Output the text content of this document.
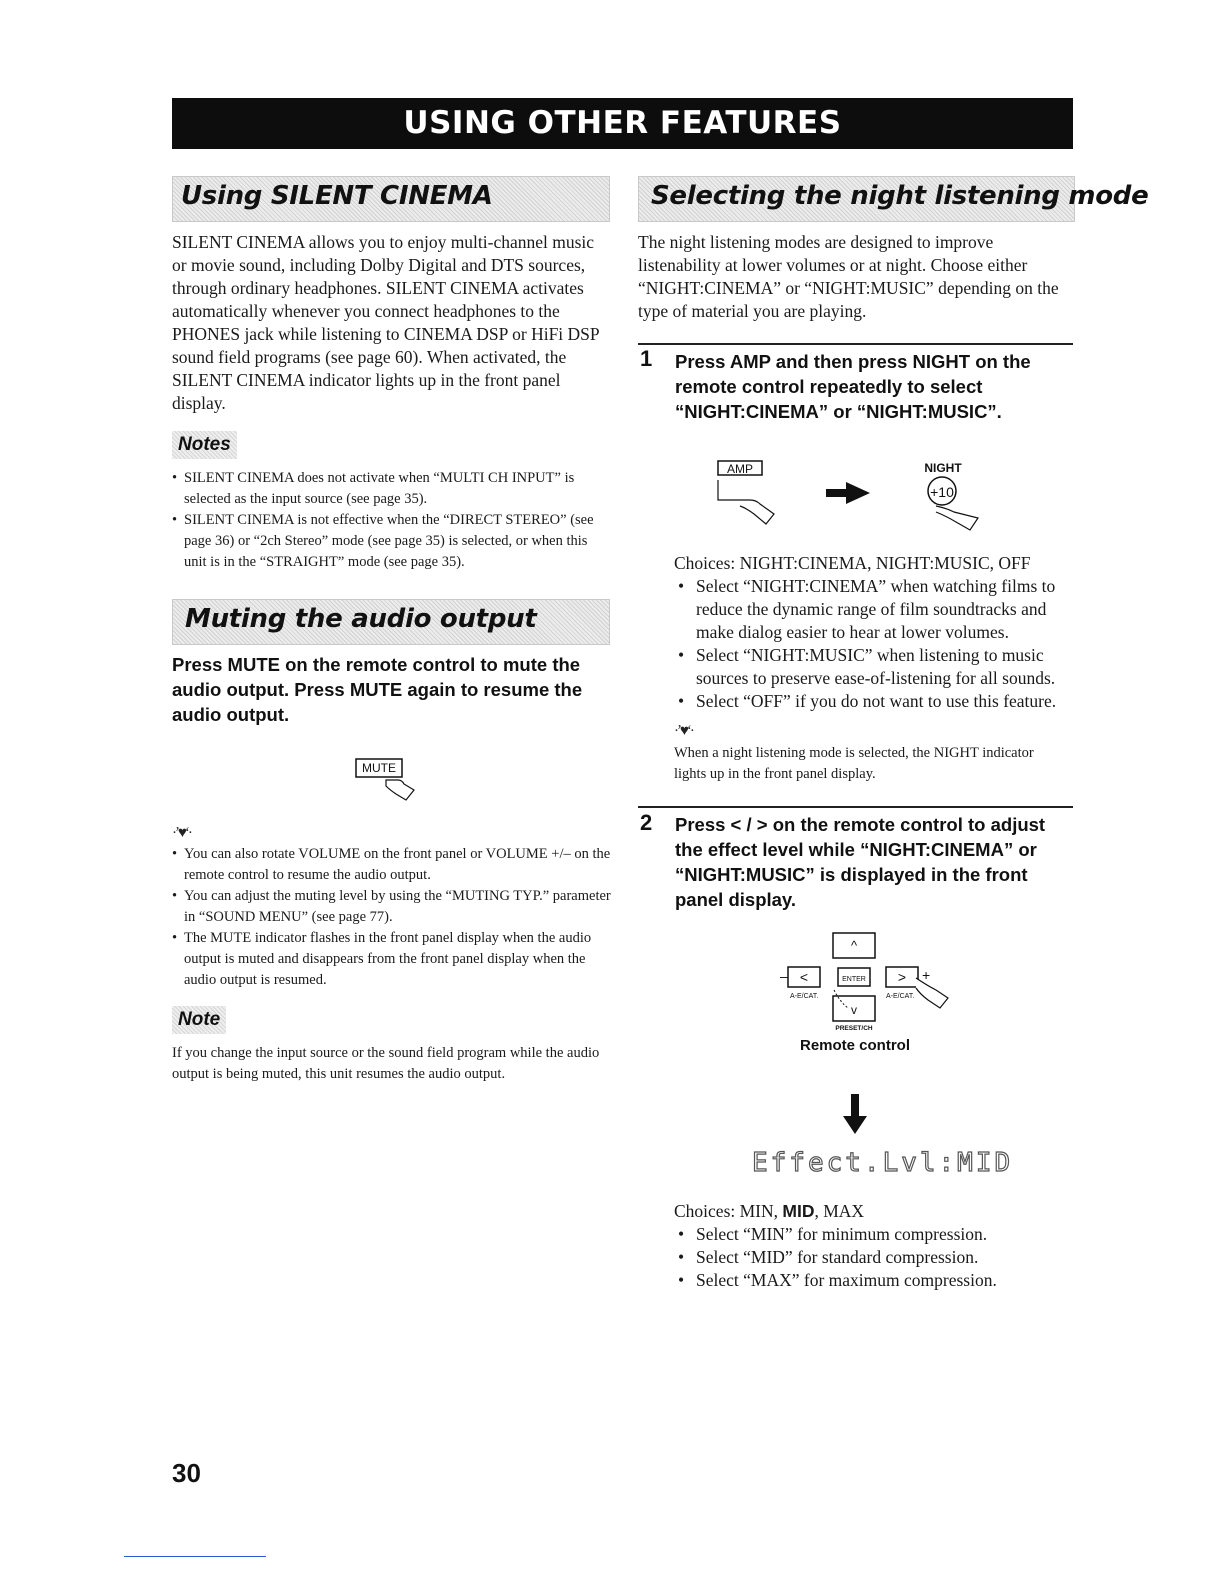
USING OTHER FEATURES
Using SILENT CINEMA
SILENT CINEMA allows you to enjoy multi-channel music or movie sound, including Dolby Digital and DTS sources, through ordinary headphones. SILENT CINEMA activates automatically whenever you connect headphones to the PHONES jack while listening to CINEMA DSP or HiFi DSP sound field programs (see page 60). When activated, the SILENT CINEMA indicator lights up in the front panel display.
Notes
• SILENT CINEMA does not activate when “MULTI CH INPUT” is selected as the input source (see page 35).
• SILENT CINEMA is not effective when the “DIRECT STEREO” (see page 36) or “2ch Stereo” mode (see page 35) is selected, or when this unit is in the “STRAIGHT” mode (see page 35).
Muting the audio output
Press MUTE on the remote control to mute the audio output. Press MUTE again to resume the audio output.
MUTE
·ʼ♥ʻ·
• You can also rotate VOLUME on the front panel or VOLUME +/– on the remote control to resume the audio output.
• You can adjust the muting level by using the “MUTING TYP.” parameter in “SOUND MENU” (see page 77).
• The MUTE indicator flashes in the front panel display when the audio output is muted and disappears from the front panel display when the audio output is resumed.
Note
If you change the input source or the sound field program while the audio output is being muted, this unit resumes the audio output.
Selecting the night listening mode
The night listening modes are designed to improve listenability at lower volumes or at night. Choose either “NIGHT:CINEMA” or “NIGHT:MUSIC” depending on the type of material you are playing.
1 Press AMP and then press NIGHT on the remote control repeatedly to select “NIGHT:CINEMA” or “NIGHT:MUSIC”.
AMP	NIGHT
+10
Choices: NIGHT:CINEMA, NIGHT:MUSIC, OFF
• Select “NIGHT:CINEMA” when watching films to reduce the dynamic range of film soundtracks and make dialog easier to hear at lower volumes.
• Select “NIGHT:MUSIC” when listening to music sources to preserve ease-of-listening for all sounds.
• Select “OFF” if you do not want to use this feature.
·ʼ♥ʻ·
When a night listening mode is selected, the NIGHT indicator lights up in the front panel display.
2 Press < / > on the remote control to adjust the effect level while “NIGHT:CINEMA” or “NIGHT:MUSIC” is displayed in the front panel display.
^
<	ENTER >
v
–	+
A-E/CAT.	A-E/CAT.
PRESET/CH
Remote control
Effect.Lvl:MID
Choices: MIN, MID, MAX
• Select “MIN” for minimum compression.
• Select “MID” for standard compression.
• Select “MAX” for maximum compression.
30
